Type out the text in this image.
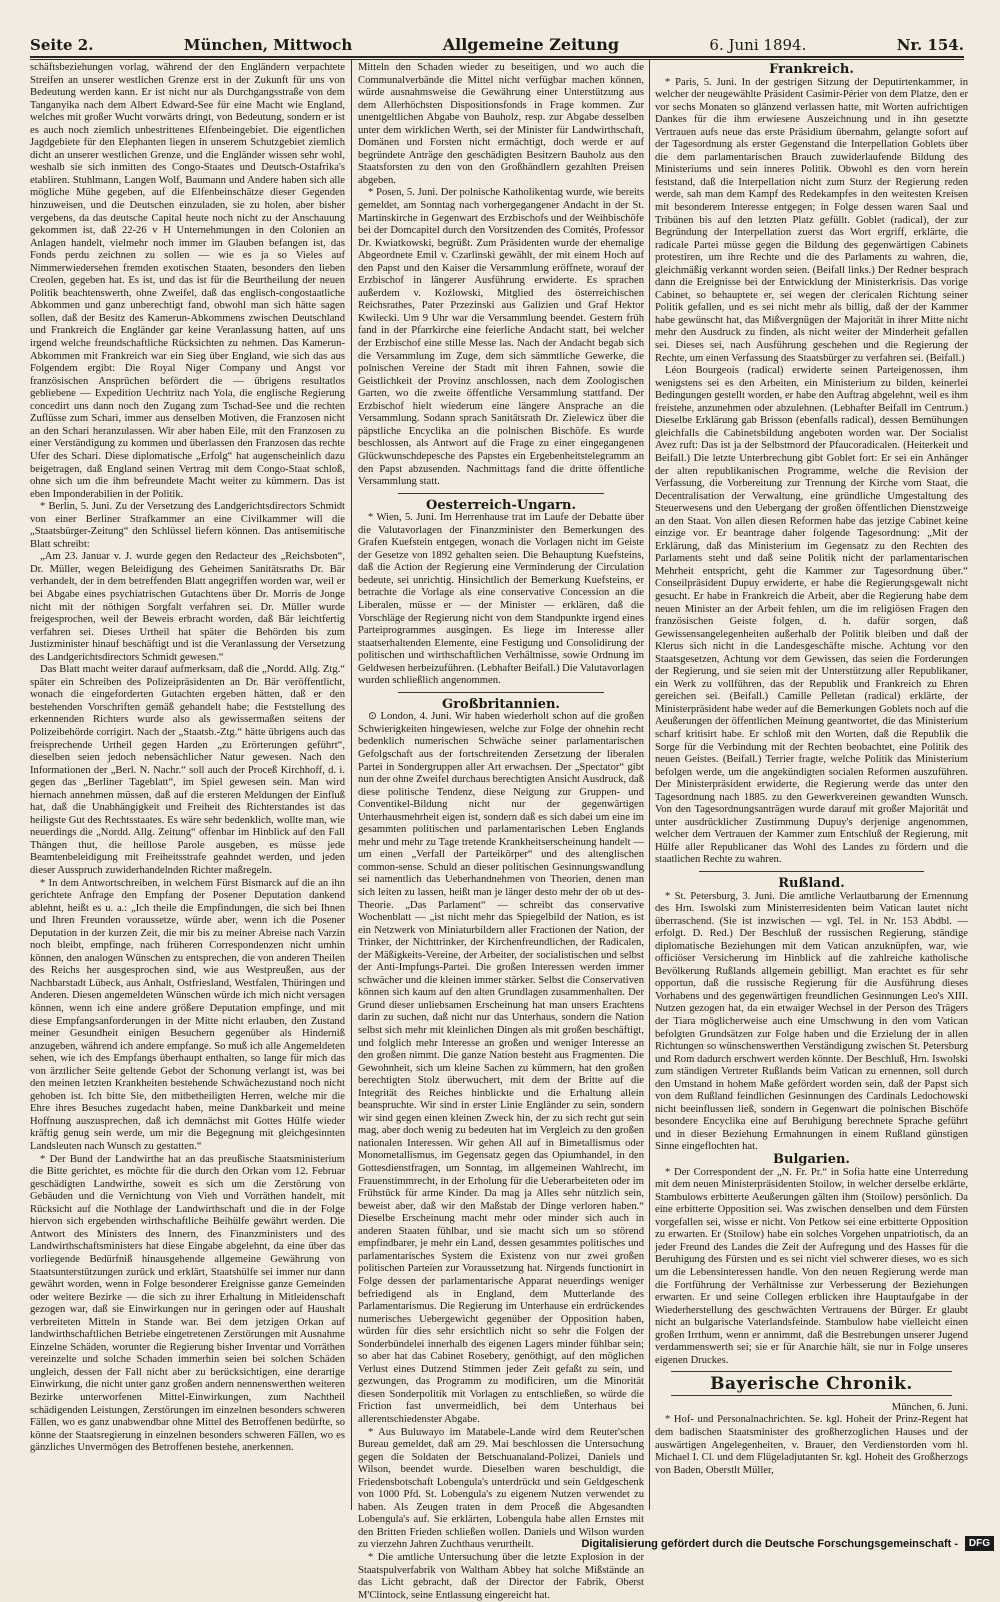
Seite 2.	München, Mittwoch	Allgemeine Zeitung	6. Juni 1894.	Nr. 154.

schäftsbeziehungen vorlag, während der den Engländern verpachtete Streifen an unserer westlichen Grenze erst in der Zukunft für uns von Bedeutung werden kann. Er ist nicht nur als Durchgangsstraße von dem Tanganyika nach dem Albert Edward-See für eine Macht wie England, welches mit großer Wucht vorwärts dringt, von Bedeutung, sondern er ist es auch noch ziemlich unbestrittenes Elfenbeingebiet. Die eigentlichen Jagdgebiete für den Elephanten liegen in unserem Schutzgebiet ziemlich dicht an unserer westlichen Grenze, und die Engländer wissen sehr wohl, weshalb sie sich inmitten des Congo-Staates und Deutsch-Ostafrika's etabliren. Stuhlmann, Langen Wolf, Baumann und Andere haben sich alle mögliche Mühe gegeben, auf die Elfenbeinschätze dieser Gegenden hinzuweisen, und die Deutschen einzuladen, sie zu holen, aber bisher vergebens, da das deutsche Capital heute noch nicht zu der Anschauung gekommen ist, daß 22-26 v H Unternehmungen in den Colonien an Anlagen handelt, vielmehr noch immer im Glauben befangen ist, das Fonds perdu zeichnen zu sollen — wie es ja so Vieles auf Nimmerwiedersehen fremden exotischen Staaten, besonders den lieben Creolen, gegeben hat. Es ist, und das ist für die Beurtheilung der neuen Politik beachtenswerth, ohne Zweifel, daß das englisch-congostaatliche Abkommen und ganz unberechtigt fand, obwohl man sich hätte sagen sollen, daß der Besitz des Kamerun-Abkommens zwischen Deutschland und Frankreich die Engländer gar keine Veranlassung hatten, auf uns irgend welche freundschaftliche Rücksichten zu nehmen. Das Kamerun-Abkommen mit Frankreich war ein Sieg über England, wie sich das aus Folgendem ergibt: Die Royal Niger Company und Angst vor französischen Ansprüchen befördert die — übrigens resultatlos gebliebene — Expedition Uechtritz nach Yola, die englische Regierung concedirt uns dann noch den Zugang zum Tschad-See und die rechten Zuflüsse zum Schari, immer aus denselben Motiven, die Franzosen nicht an den Schari heranzulassen. Wir aber haben Eile, mit den Franzosen zu einer Verständigung zu kommen und überlassen den Franzosen das rechte Ufer des Schari. Diese diplomatische „Erfolg“ hat augenscheinlich dazu beigetragen, daß England seinen Vertrag mit dem Congo-Staat schloß, ohne sich um die ihm befreundete Macht weiter zu kümmern. Das ist eben Imponderabilien in der Politik.

* Berlin, 5. Juni. Zu der Versetzung des Landgerichtsdirectors Schmidt von einer Berliner Strafkammer an eine Civilkammer will die „Staatsbürger-Zeitung“ den Schlüssel liefern können. Das antisemitische Blatt schreibt:

„Am 23. Januar v. J. wurde gegen den Redacteur des „Reichsboten“, Dr. Müller, wegen Beleidigung des Geheimen Sanitätsraths Dr. Bär verhandelt, der in dem betreffenden Blatt angegriffen worden war, weil er bei Abgabe eines psychiatrischen Gutachtens über Dr. Morris de Jonge nicht mit der nöthigen Sorgfalt verfahren sei. Dr. Müller wurde freigesprochen, weil der Beweis erbracht worden, daß Bär leichtfertig verfahren sei. Dieses Urtheil hat später die Behörden bis zum Justizminister hinauf beschäftigt und ist die Veranlassung der Versetzung des Landgerichtsdirectors Schmidt gewesen.“

Das Blatt macht weiter darauf aufmerksam, daß die „Nordd. Allg. Ztg.“ später ein Schreiben des Polizeipräsidenten an Dr. Bär veröffentlicht, wonach die eingeforderten Gutachten ergeben hätten, daß er den bestehenden Vorschriften gemäß gehandelt habe; die Feststellung des erkennenden Richters wurde also als gewissermaßen seitens der Polizeibehörde corrigirt. Nach der „Staatsb.-Ztg.“ hätte übrigens auch das freisprechende Urtheil gegen Harden „zu Erörterungen geführt“, dieselben seien jedoch nebensächlicher Natur gewesen. Nach den Informationen der „Berl. N. Nachr.“ soll auch der Proceß Kirchhoff, d. i. gegen das „Berliner Tageblatt“, im Spiel gewesen sein. Man wird hiernach annehmen müssen, daß auf die ersteren Meldungen der Einfluß hat, daß die Unabhängigkeit und Freiheit des Richterstandes ist das heiligste Gut des Rechtsstaates. Es wäre sehr bedenklich, wollte man, wie neuerdings die „Nordd. Allg. Zeitung“ offenbar im Hinblick auf den Fall Thängen thut, die heillose Parole ausgeben, es müsse jede Beamtenbeleidigung mit Freiheitsstrafe geahndet werden, und jeden dieser Ausspruch zuwiderhandelnden Richter maßregeln.

* In dem Antwortschreiben, in welchem Fürst Bismarck auf die an ihn gerichtete Anfrage den Empfang der Posener Deputation dankend ablehnt, heißt es u. a.: „Ich theile die Empfindungen, die sich bei Ihnen und Ihren Freunden voraussetze, würde aber, wenn ich die Posener Deputation in der kurzen Zeit, die mir bis zu meiner Abreise nach Varzin noch bleibt, empfinge, nach früheren Correspondenzen nicht umhin können, den analogen Wünschen zu entsprechen, die von anderen Theilen des Reichs her ausgesprochen sind, wie aus Westpreußen, aus der Nachbarstadt Lübeck, aus Anhalt, Ostfriesland, Westfalen, Thüringen und Anderen. Diesen angemeldeten Wünschen würde ich mich nicht versagen können, wenn ich eine andere größere Deputation empfinge, und mit diese Empfangsanforderungen in der Mitte nicht erlauben, den Zustand meiner Gesundheit einigen Besuchern gegenüber als Hinderniß anzugeben, während ich andere empfange. So muß ich alle Angemeldeten sehen, wie ich des Empfangs überhaupt enthalten, so lange für mich das von ärztlicher Seite geltende Gebot der Schonung verlangt ist, was bei den meinen letzten Krankheiten bestehende Schwächezustand noch nicht gehoben ist. Ich bitte Sie, den mitbetheiligten Herren, welche mir die Ehre ihres Besuches zugedacht haben, meine Dankbarkeit und meine Hoffnung auszusprechen, daß ich demnächst mit Gottes Hülfe wieder kräftig genug sein werde, um mir die Begegnung mit gleichgesinnten Landsleuten nach Wunsch zu gestatten.“

* Der Bund der Landwirthe hat an das preußische Staatsministerium die Bitte gerichtet, es möchte für die durch den Orkan vom 12. Februar geschädigten Landwirthe, soweit es sich um die Zerstörung von Gebäuden und die Vernichtung von Vieh und Vorräthen handelt, mit Rücksicht auf die Nothlage der Landwirthschaft und die in der Folge hiervon sich ergebenden wirthschaftliche Beihülfe gewährt werden. Die Antwort des Ministers des Innern, des Finanzministers und des Landwirthschaftsministers hat diese Eingabe abgelehnt, da eine über das vorliegende Bedürfniß hinausgehende allgemeine Gewährung von Staatsunterstützungen zurück und erklärt, Staatshülfe sei immer nur dann gewährt worden, wenn in Folge besonderer Ereignisse ganze Gemeinden oder weitere Bezirke — die sich zu ihrer Erhaltung in Mitleidenschaft gezogen war, daß sie Einwirkungen nur in geringen oder auf Haushalt verbreiteten Mitteln in Stande war. Bei dem jetzigen Orkan auf landwirthschaftlichen Betriebe eingetretenen Zerstörungen mit Ausnahme Einzelne Schäden, worunter die Regierung bisher Inventar und Vorräthen vereinzelte und solche Schaden immerhin seien bei solchen Schäden ungleich, dessen der Fall nicht aber zu berücksichtigen, eine derartige Einwirkung, die nicht unter ganz großen andern nennenswerthen weiteren Bezirke unterworfenen Mittel-Einwirkungen, zum Nachtheil schädigenden Leistungen, Zerstörungen im einzelnen besonders schweren Fällen, wo es ganz unabwendbar ohne Mittel des Betroffenen bedürfte, so könne der Staatsregierung in einzelnen besonders schweren Fällen, wo es gänzliches Unvermögen des Betroffenen bestehe, anerkennen.

Mitteln den Schaden wieder zu beseitigen, und wo auch die Communalverbände die Mittel nicht verfügbar machen können, würde ausnahmsweise die Gewährung einer Unterstützung aus dem Allerhöchsten Dispositionsfonds in Frage kommen. Zur unentgeltlichen Abgabe von Bauholz, resp. zur Abgabe desselben unter dem wirklichen Werth, sei der Minister für Landwirthschaft, Domänen und Forsten nicht ermächtigt, doch werde er auf begründete Anträge den geschädigten Besitzern Bauholz aus den Staatsforsten zu den von den Großhändlern gezahlten Preisen abgeben.

* Posen, 5. Juni. Der polnische Katholikentag wurde, wie bereits gemeldet, am Sonntag nach vorhergegangener Andacht in der St. Martinskirche in Gegenwart des Erzbischofs und der Weihbischöfe bei der Domcapitel durch den Vorsitzenden des Comités, Professor Dr. Kwiatkowski, begrüßt. Zum Präsidenten wurde der ehemalige Abgeordnete Emil v. Czarlinski gewählt, der mit einem Hoch auf den Papst und den Kaiser die Versammlung eröffnete, worauf der Erzbischof in längerer Ausführung erwiderte. Es sprachen außerdem v. Koźlowski, Mitglied des österreichischen Reichsrathes, Pater Przezinski aus Galizien und Graf Hektor Kwilecki. Um 9 Uhr war die Versammlung beendet. Gestern früh fand in der Pfarrkirche eine feierliche Andacht statt, bei welcher der Erzbischof eine stille Messe las. Nach der Andacht begab sich die Versammlung im Zuge, dem sich sämmtliche Gewerke, die polnischen Vereine der Stadt mit ihren Fahnen, sowie die Geistlichkeit der Provinz anschlossen, nach dem Zoologischen Garten, wo die zweite öffentliche Versammlung stattfand. Der Erzbischof hielt wiederum eine längere Ansprache an die Versammlung. Sodann sprach Sanitätsrath Dr. Zielewicz über die päpstliche Encyclika an die polnischen Bischöfe. Es wurde beschlossen, als Antwort auf die Frage zu einer eingegangenen Glückwunschdepesche des Papstes ein Ergebenheitstelegramm an den Papst abzusenden. Nachmittags fand die dritte öffentliche Versammlung statt.

Oesterreich-Ungarn.

* Wien, 5. Juni. Im Herrenhause trat im Laufe der Debatte über die Valutavorlagen der Finanzminister den Bemerkungen des Grafen Kuefstein entgegen, wonach die Vorlagen nicht im Geiste der Gesetze von 1892 gehalten seien. Die Behauptung Kuefsteins, daß die Action der Regierung eine Verminderung der Circulation bedeute, sei unrichtig. Hinsichtlich der Bemerkung Kuefsteins, er betrachte die Vorlage als eine conservative Concession an die Liberalen, müsse er — der Minister — erklären, daß die Vorschläge der Regierung nicht von dem Standpunkte irgend eines Parteiprogrammes ausgingen. Es liege im Interesse aller staatserhaltenden Elemente, eine Festigung und Consolidirung der politischen und wirthschaftlichen Verhältnisse, sowie Ordnung im Geldwesen herbeizuführen. (Lebhafter Beifall.) Die Valutavorlagen wurden schließlich angenommen.

Großbritannien.

⊙ London, 4. Juni. Wir haben wiederholt schon auf die großen Schwierigkeiten hingewiesen, welche zur Folge der ohnehin recht bedenklich numerischen Schwäche seiner parlamentarischen Gefolgschaft aus der fortschreitenden Zersetzung der liberalen Partei in Sondergruppen aller Art erwachsen. Der „Spectator“ gibt nun der ohne Zweifel durchaus berechtigten Ansicht Ausdruck, daß diese politische Tendenz, diese Neigung zur Gruppen- und Conventikel-Bildung nicht nur der gegenwärtigen Unterhausmehrheit eigen ist, sondern daß es sich dabei um eine im gesammten politischen und parlamentarischen Leben Englands mehr und mehr zu Tage tretende Krankheitserscheinung handelt — um einen „Verfall der Parteikörper“ und des altenglischen common-sense. Schuld an dieser politischen Gesinnungswandlung sei namentlich das Ueberhandnehmen von Theorien, denen man sich leiten zu lassen, heißt man je länger desto mehr der ob ut des-Theorie. „Das Parlament“ — schreibt das conservative Wochenblatt — „ist nicht mehr das Spiegelbild der Nation, es ist ein Netzwerk von Miniaturbildern aller Fractionen der Nation, der Trinker, der Nichttrinker, der Kirchenfreundlichen, der Radicalen, der Mäßigkeits-Vereine, der Arbeiter, der socialistischen und selbst der Anti-Impfungs-Partei. Die großen Interessen werden immer schwächer und die kleinen immer stärker. Selbst die Conservativen können sich kaum auf den alten Grundlagen zusammenhalten. Der Grund dieser unliebsamen Erscheinung hat man unsers Erachtens darin zu suchen, daß nicht nur das Unterhaus, sondern die Nation selbst sich mehr mit kleinlichen Dingen als mit großen beschäftigt, und folglich mehr Interesse an großen und weniger Interesse an den großen nimmt. Die ganze Nation besteht aus Fragmenten. Die Gewohnheit, sich um kleine Sachen zu kümmern, hat den großen berechtigten Stolz überwuchert, mit dem der Britte auf die Integrität des Reiches hinblickte und die Erhaltung allein beanspruchte. Wir sind in erster Linie Engländer zu sein, sondern wir sind gegen einen kleinen Zweck hin, der zu sich recht gut sein mag, aber doch wenig zu bedeuten hat im Vergleich zu den großen nationalen Interessen. Wir gehen All auf in Bimetallismus oder Monometallismus, im Gegensatz gegen das Opiumhandel, in den Gottesdienstfragen, um Sonntag, im allgemeinen Wahlrecht, im Frauenstimmrecht, in der Erholung für die Ueberarbeiteten oder im Frühstück für arme Kinder. Da mag ja Alles sehr nützlich sein, beweist aber, daß wir den Maßstab der Dinge verloren haben.“ Dieselbe Erscheinung macht mehr oder minder sich auch in anderen Staaten fühlbar, und sie macht sich um so störend empfindbarer, je mehr ein Land, dessen gesammtes politisches und parlamentarisches System die Existenz von nur zwei großen politischen Parteien zur Voraussetzung hat. Nirgends functionirt in Folge dessen der parlamentarische Apparat neuerdings weniger befriedigend als in England, dem Mutterlande des Parlamentarismus. Die Regierung im Unterhause ein erdrückendes numerisches Uebergewicht gegenüber der Opposition haben, würden für dies sehr ersichtlich nicht so sehr die Folgen der Sonderbündelei innerhalb des eigenen Lagers minder fühlbar sein; so aber hat das Cabinet Rosebery, genöthigt, auf den möglichen Verlust eines Dutzend Stimmen jeder Zeit gefaßt zu sein, und gezwungen, das Programm zu modificiren, um die Minorität diesen Sonderpolitik mit Vorlagen zu entschließen, so würde die Friction fast unvermeidlich, bei dem Unterhaus bei allerentschiedenster Abgabe.

* Aus Buluwayo im Matabele-Lande wird dem Reuter'schen Bureau gemeldet, daß am 29. Mai beschlossen die Untersuchung gegen die Soldaten der Betschuanaland-Polizei, Daniels und Wilson, beendet wurde. Dieselben waren beschuldigt, die Friedensbotschaft Lobengula's unterdrückt und sein Geldgeschenk von 1000 Pfd. St. Lobengula's zu eigenem Nutzen verwendet zu haben. Als Zeugen traten in dem Proceß die Abgesandten Lobengula's auf. Sie erklärten, Lobengula habe allen Ernstes mit den Britten Frieden schließen wollen. Daniels und Wilson wurden zu vierzehn Jahren Zuchthaus verurtheilt.

* Die amtliche Untersuchung über die letzte Explosion in der Staatspulverfabrik von Waltham Abbey hat solche Mißstände an das Licht gebracht, daß der Director der Fabrik, Oberst M'Clintock, seine Entlassung eingereicht hat.

Frankreich.

* Paris, 5. Juni. In der gestrigen Sitzung der Deputirtenkammer, in welcher der neugewählte Präsident Casimir-Périer von dem Platze, den er vor sechs Monaten so glänzend verlassen hatte, mit Worten aufrichtigen Dankes für die ihm erwiesene Auszeichnung und in ihn gesetzte Vertrauen aufs neue das erste Präsidium übernahm, gelangte sofort auf der Tagesordnung als erster Gegenstand die Interpellation Goblets über die dem parlamentarischen Brauch zuwiderlaufende Bildung des Ministeriums und sein inneres Politik. Obwohl es den vorn herein feststand, daß die Interpellation nicht zum Sturz der Regierung reden werde, sah man dem Kampf des Redekampfes in den weitesten Kreisen mit besonderem Interesse entgegen; in Folge dessen waren Saal und Tribünen bis auf den letzten Platz gefüllt. Goblet (radical), der zur Begründung der Interpellation zuerst das Wort ergriff, erklärte, die radicale Partei müsse gegen die Bildung des gegenwärtigen Cabinets protestiren, um ihre Rechte und die des Parlaments zu wahren, die, gleichmäßig verkannt worden seien. (Beifall links.) Der Redner besprach dann die Ereignisse bei der Entwicklung der Ministerkrisis. Das vorige Cabinet, so behauptete er, sei wegen der clericalen Richtung seiner Politik gefallen, und es sei nicht mehr als billig, daß der der Kammer habe gewünscht hat, das Mißvergnügen der Majorität in ihrer Mitte nicht mehr den Ausdruck zu finden, als nicht weiter der Minderheit gefallen sei. Dieses sei, nach Ausführung geschehen und die Regierung der Rechte, um einen Verfassung des Staatsbürger zu verfahren sei. (Beifall.)

Léon Bourgeois (radical) erwiderte seinen Parteigenossen, ihm wenigstens sei es den Arbeiten, ein Ministerium zu bilden, keinerlei Bedingungen gestellt worden, er habe den Auftrag abgelehnt, weil es ihm freistehe, anzunehmen oder abzulehnen. (Lebhafter Beifall im Centrum.) Dieselbe Erklärung gab Brisson (ebenfalls radical), dessen Bemühungen gleichfalls die Cabinetsbildung angeboten worden war. Der Socialist Avez ruft: Das ist ja der Selbstmord der Pfaucoradicalen. (Heiterkeit und Beifall.) Die letzte Unterbrechung gibt Goblet fort: Er sei ein Anhänger der alten republikanischen Programme, welche die Revision der Verfassung, die Vorbereitung zur Trennung der Kirche vom Staat, die Decentralisation der Verwaltung, eine gründliche Umgestaltung des Steuerwesens und den Uebergang der großen öffentlichen Dienstzweige an den Staat. Von allen diesen Reformen habe das jetzige Cabinet keine einzige vor. Er beantrage daher folgende Tagesordnung: „Mit der Erklärung, daß das Ministerium im Gegensatz zu den Rechten des Parlaments steht und daß seine Politik nicht der parlamentarischen Mehrheit entspricht, geht die Kammer zur Tagesordnung über.“ Conseilpräsident Dupuy erwiderte, er habe die Regierungsgewalt nicht gesucht. Er habe in Frankreich die Arbeit, aber die Regierung habe dem neuen Minister an der Arbeit fehlen, um die im religiösen Fragen den französischen Geiste folgen, d. h. dafür sorgen, daß Gewissensangelegenheiten außerhalb der Politik bleiben und daß der Klerus sich nicht in die Landesgeschäfte mische. Achtung vor den Staatsgesetzen, Achtung vor dem Gewissen, das seien die Forderungen der Regierung, und sie seien mit der Unterstützung aller Republikaner, ein Werk zu vollführen, das der Republik und Frankreich zu Ehren gereichen sei. (Beifall.) Camille Pelletan (radical) erklärte, der Ministerpräsident habe weder auf die Bemerkungen Goblets noch auf die Aeußerungen der öffentlichen Meinung geantwortet, die das Ministerium scharf kritisirt habe. Er schloß mit den Worten, daß die Republik die Sorge für die Verbindung mit der Rechten beobachtet, eine Politik des neuen Geistes. (Beifall.) Terrier fragte, welche Politik das Ministerium befolgen werde, um die angekündigten socialen Reformen auszuführen. Der Ministerpräsident erwiderte, die Regierung werde das unter den Tagesordnung nach 1885. zu den Gewerkvereinen gewandten Wunsch. Von den Tagesordnungsanträgen wurde darauf mit großer Majorität und unter ausdrücklicher Zustimmung Dupuy's derjenige angenommen, welcher dem Vertrauen der Kammer zum Entschluß der Regierung, mit Hülfe aller Republicaner das Wohl des Landes zu fördern und die staatlichen Rechte zu wahren.

Rußland.

* St. Petersburg, 3. Juni. Die amtliche Verlautbarung der Ernennung des Hrn. Iswolski zum Ministerresidenten beim Vatican lautet nicht überraschend. (Sie ist inzwischen — vgl. Tel. in Nr. 153 Abdbl. — erfolgt. D. Red.) Der Beschluß der russischen Regierung, ständige diplomatische Beziehungen mit dem Vatican anzuknüpfen, war, wie officiöser Versicherung im Hinblick auf die zahlreiche katholische Bevölkerung Rußlands allgemein gebilligt. Man erachtet es für sehr opportun, daß die russische Regierung für die Ausführung dieses Vorhabens und des gegenwärtigen freundlichen Gesinnungen Leo's XIII. Nutzen gezogen hat, da ein etwaiger Wechsel in der Person des Trägers der Tiara möglicherweise auch eine Umschwung in den vom Vatican befolgten Grundsätzen zur Folge haben und die Erzielung der in allen Richtungen so wünschenswerthen Verständigung zwischen St. Petersburg und Rom dadurch erschwert werden könnte. Der Beschluß, Hrn. Iswolski zum ständigen Vertreter Rußlands beim Vatican zu ernennen, soll durch den Umstand in hohem Maße gefördert worden sein, daß der Papst sich von dem Rußland feindlichen Gesinnungen des Cardinals Ledochowski nicht beeinflussen ließ, sondern in Gegenwart die polnischen Bischöfe besondere Encyclika eine auf Beruhigung berechnete Sprache geführt und in dieser Beziehung Ermahnungen in einem Rußland günstigen Sinne eingeflochten hat.

Bulgarien.

* Der Correspondent der „N. Fr. Pr.“ in Sofia hatte eine Unterredung mit dem neuen Ministerpräsidenten Stoilow, in welcher derselbe erklärte, Stambulows erbitterte Aeußerungen gälten ihm (Stoilow) persönlich. Da eine erbitterte Opposition sei. Was zwischen denselben und dem Fürsten vorgefallen sei, wisse er nicht. Von Petkow sei eine erbitterte Opposition zu erwarten. Er (Stoilow) habe ein solches Vorgehen unpatriotisch, da an jeder Freund des Landes die Zeit der Aufregung und des Hasses für die Beruhigung des Fürsten und es sei nicht viel schwerer dieses, wo es sich um die Lebensinteressen handle. Von den neuen Regierung werde man die Fortführung der Verhältnisse zur Verbesserung der Beziehungen erwarten. Er und seine Collegen erblicken ihre Hauptaufgabe in der Wiederherstellung des geschwächten Vertrauens der Bürger. Er glaubt nicht an bulgarische Vaterlandsfeinde. Stambulow habe vielleicht einen großen Irrthum, wenn er annimmt, daß die Bestrebungen unserer Jugend verdammenswerth sei; sie er für Anarchie hält, sie nur in Folge unseres eigenen Druckes.

Bayerische Chronik.

München, 6. Juni.

* Hof- und Personalnachrichten. Se. kgl. Hoheit der Prinz-Regent hat dem badischen Staatsminister des großherzoglichen Hauses und der auswärtigen Angelegenheiten, v. Brauer, den Verdienstorden vom hl. Michael I. Cl. und dem Flügeladjutanten Sr. kgl. Hoheit des Großherzogs von Baden, Oberstlt Müller,

Digitalisierung gefördert durch die Deutsche Forschungsgemeinschaft -	DFG
